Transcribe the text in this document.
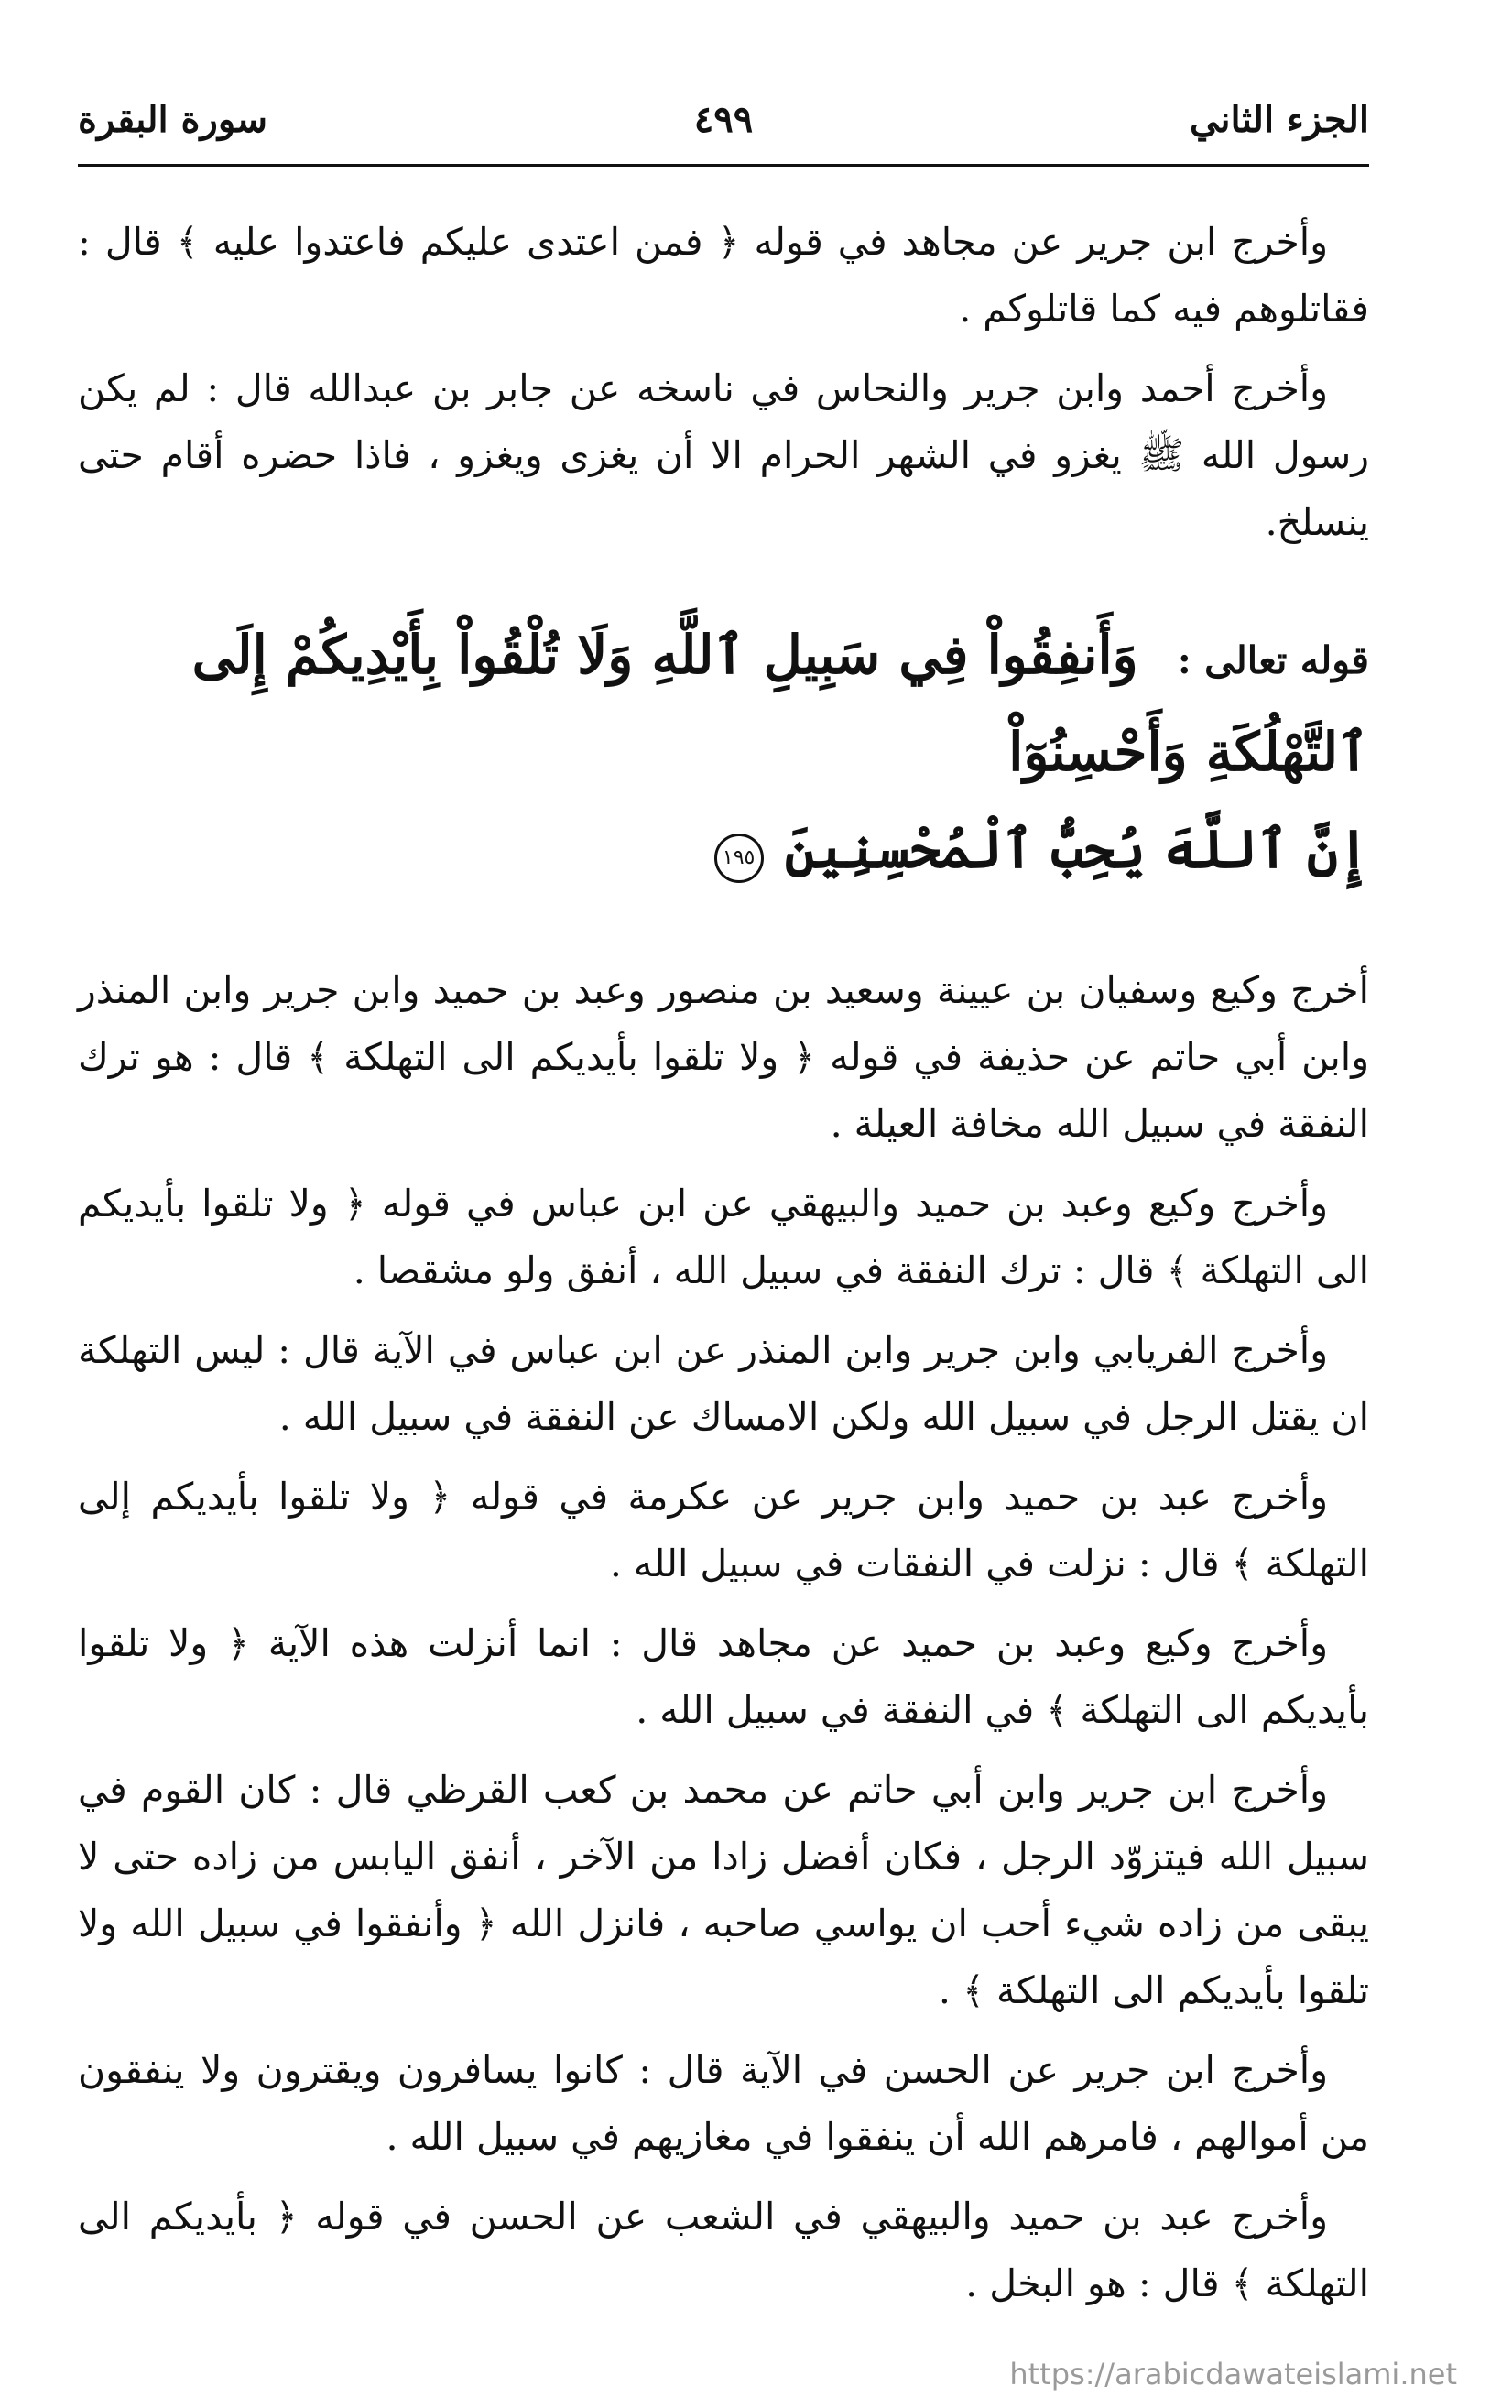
الجزء الثاني
٤٩٩
سورة البقرة

وأخرج ابن جرير عن مجاهد في قوله ﴿ فمن اعتدى عليكم فاعتدوا عليه ﴾ قال : فقاتلوهم فيه كما قاتلوكم .

وأخرج أحمد وابن جرير والنحاس في ناسخه عن جابر بن عبدالله قال : لم يكن رسول الله ﷺ يغزو في الشهر الحرام الا أن يغزى ويغزو ، فاذا حضره أقام حتى ينسلخ.

قوله تعالى : وَأَنفِقُواْ فِي سَبِيلِ ٱللَّهِ وَلَا تُلْقُواْ بِأَيْدِيكُمْ إِلَى ٱلتَّهْلُكَةِ وَأَحْسِنُوٓاْ
إِنَّ ٱللَّهَ يُحِبُّ ٱلْمُحْسِنِينَ ١٩٥

أخرج وكيع وسفيان بن عيينة وسعيد بن منصور وعبد بن حميد وابن جرير وابن المنذر وابن أبي حاتم عن حذيفة في قوله ﴿ ولا تلقوا بأيديكم الى التهلكة ﴾ قال : هو ترك النفقة في سبيل الله مخافة العيلة .

وأخرج وكيع وعبد بن حميد والبيهقي عن ابن عباس في قوله ﴿ ولا تلقوا بأيديكم الى التهلكة ﴾ قال : ترك النفقة في سبيل الله ، أنفق ولو مشقصا .

وأخرج الفريابي وابن جرير وابن المنذر عن ابن عباس في الآية قال : ليس التهلكة ان يقتل الرجل في سبيل الله ولكن الامساك عن النفقة في سبيل الله .

وأخرج عبد بن حميد وابن جرير عن عكرمة في قوله ﴿ ولا تلقوا بأيديكم إلى التهلكة ﴾ قال : نزلت في النفقات في سبيل الله .

وأخرج وكيع وعبد بن حميد عن مجاهد قال : انما أنزلت هذه الآية ﴿ ولا تلقوا بأيديكم الى التهلكة ﴾ في النفقة في سبيل الله .

وأخرج ابن جرير وابن أبي حاتم عن محمد بن كعب القرظي قال : كان القوم في سبيل الله فيتزوّد الرجل ، فكان أفضل زادا من الآخر ، أنفق اليابس من زاده حتى لا يبقى من زاده شيء أحب ان يواسي صاحبه ، فانزل الله ﴿ وأنفقوا في سبيل الله ولا تلقوا بأيديكم الى التهلكة ﴾ .

وأخرج ابن جرير عن الحسن في الآية قال : كانوا يسافرون ويقترون ولا ينفقون من أموالهم ، فامرهم الله أن ينفقوا في مغازيهم في سبيل الله .

وأخرج عبد بن حميد والبيهقي في الشعب عن الحسن في قوله ﴿ بأيديكم الى التهلكة ﴾ قال : هو البخل .

https://arabicdawateislami.net
